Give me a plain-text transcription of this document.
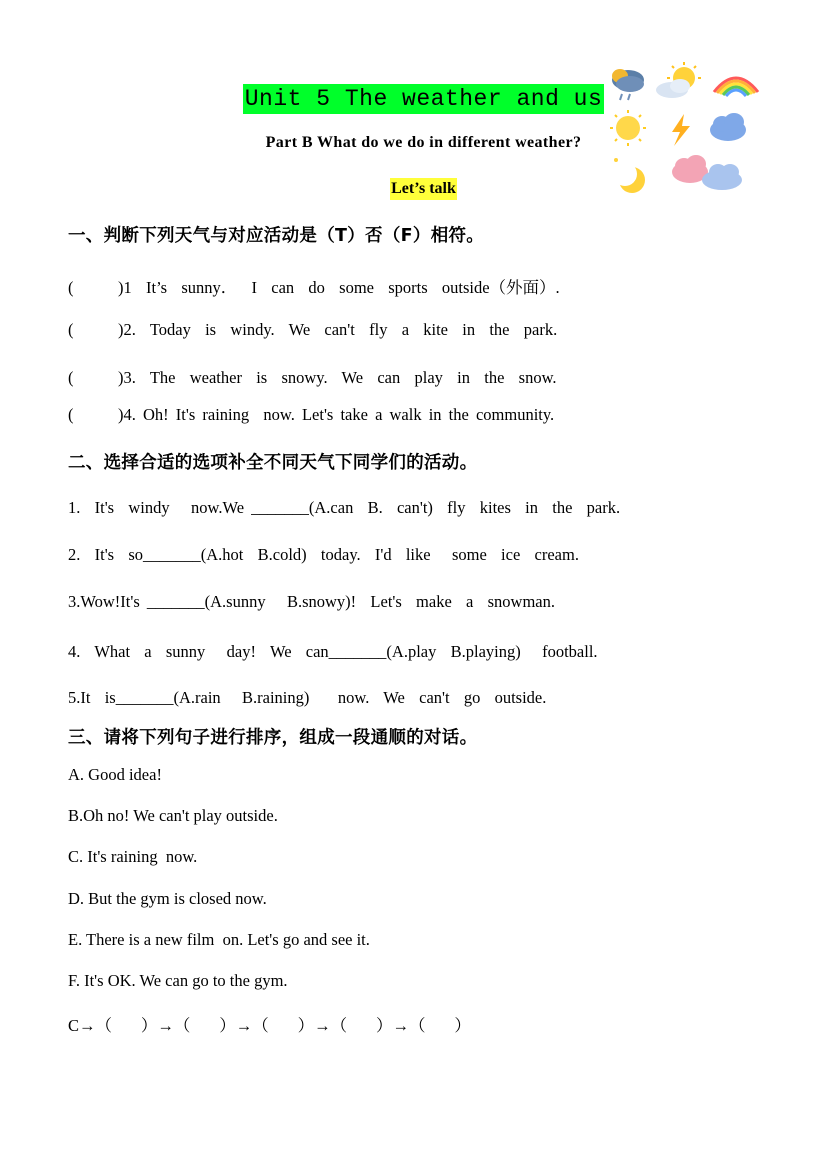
Unit 5 The weather and us
Part B What do we do in different weather?
Let’s talk
一、判断下列天气与对应活动是（T）否（F）相符。
(	)1  It’s  sunny．  I  can  do  some  sports  outside（外面）.
(	)2.  Today  is  windy.  We  can't  fly  a  kite  in  the  park.
(	)3.  The  weather  is  snowy.  We  can  play  in  the  snow.
(	)4. Oh! It's raining  now. Let's take a walk in the community.
二、选择合适的选项补全不同天气下同学们的活动。
1.  It's  windy   now.We _______(A.can  B.  can't)  fly  kites  in  the  park.
2.  It's  so_______(A.hot  B.cold)  today.  I'd  like   some  ice  cream.
3.Wow!It's _______(A.sunny   B.snowy)!  Let's  make  a  snowman.
4.  What  a  sunny   day!  We  can_______(A.play  B.playing)   football.
5.It  is_______(A.rain   B.raining)    now.  We  can't  go  outside.
三、请将下列句子进行排序，组成一段通顺的对话。
A. Good idea!
B.Oh no! We can't play outside.
C. It's raining  now.
D. But the gym is closed now.
E. There is a new film  on. Let's go and see it.
F. It's OK. We can go to the gym.
C→（       ）→（       ）→（       ）→（       ）→（       ）
